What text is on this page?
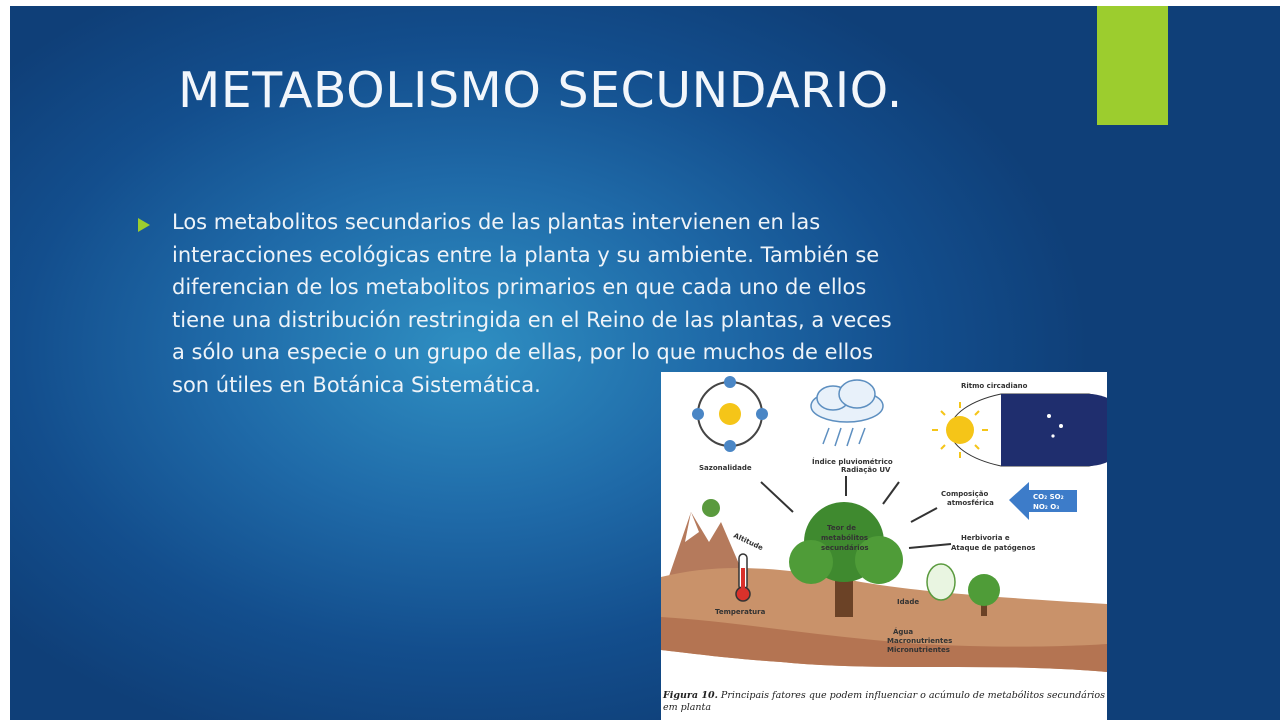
METABOLISMO SECUNDARIO.

Los metabolitos secundarios de las plantas intervienen en las
interacciones ecológicas entre la planta y su ambiente. También se
diferencian de los metabolitos primarios en que cada uno de ellos
tiene una distribución restringida en el Reino de las plantas, a veces
a sólo una especie o un grupo de ellas, por lo que muchos de ellos
son útiles en Botánica Sistemática.

Sazonalidade
Índice pluviométrico
Radiação UV
Ritmo circadiano
Composição
atmosférica
CO₂ SO₂
NO₂ O₃
Altitude
Teor de
metabólitos
secundários
Herbivoria e
Ataque de patógenos
Temperatura
Idade
Água
Macronutrientes
Micronutrientes

Figura 10. Principais fatores que podem influenciar o acúmulo de metabólitos secundários em planta
